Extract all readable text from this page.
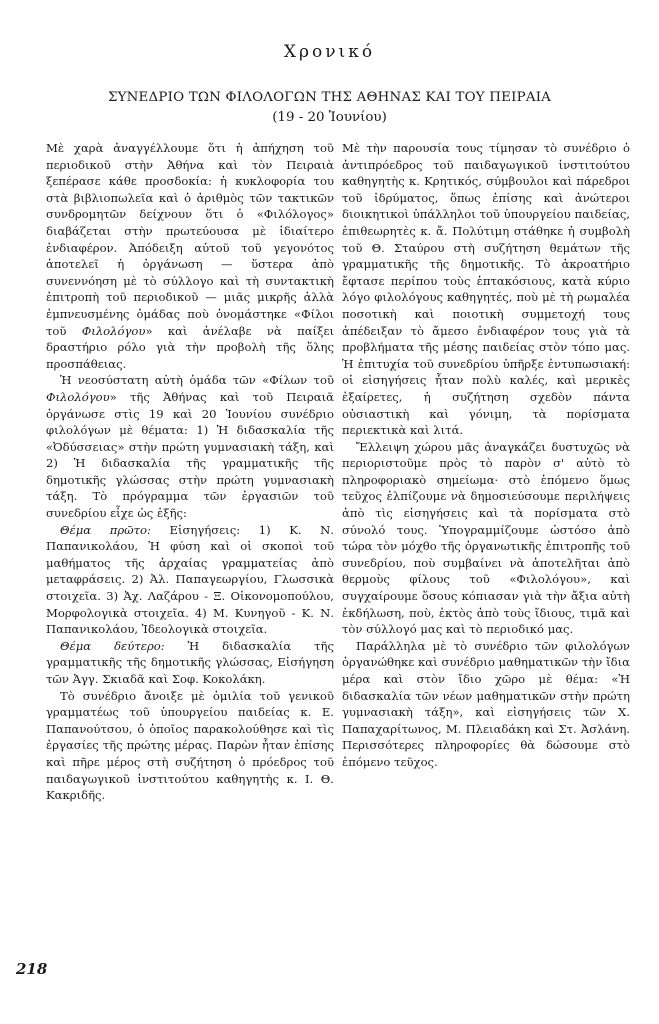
Χρονικό
ΣΥΝΕΔΡΙΟ ΤΩΝ ΦΙΛΟΛΟΓΩΝ ΤΗΣ ΑΘΗΝΑΣ ΚΑΙ ΤΟΥ ΠΕΙΡΑΙΑ
(19 - 20 Ἰουνίου)

Μὲ χαρὰ ἀναγγέλλουμε ὅτι ἡ ἀπήχηση τοῦ περιοδικοῦ στὴν Ἀθήνα καὶ τὸν Πειραιὰ ξεπέρασε κάθε προσδοκία: ἡ κυκλοφορία του στὰ βιβλιοπωλεῖα καὶ ὁ ἀριθμὸς τῶν τακτικῶν συνδρομητῶν δείχνουν ὅτι ὁ «Φιλόλογος» διαβάζεται στὴν πρωτεύουσα μὲ ἰδιαίτερο ἐνδιαφέρον. Ἀπόδειξη αὐτοῦ τοῦ γεγονότος ἀποτελεῖ ἡ ὀργάνωση — ὕστερα ἀπὸ συνεννόηση μὲ τὸ σύλλογο καὶ τὴ συντακτικὴ ἐπιτροπὴ τοῦ περιοδικοῦ — μιᾶς μικρῆς ἀλλὰ ἐμπνευσμένης ὁμάδας ποὺ ὀνομάστηκε «Φίλοι τοῦ Φιλολόγου» καὶ ἀνέλαβε νὰ παίξει δραστήριο ρόλο γιὰ τὴν προβολὴ τῆς ὅλης προσπάθειας.

Ἡ νεοσύστατη αὐτὴ ὁμάδα τῶν «Φίλων τοῦ Φιλολόγου» τῆς Ἀθήνας καὶ τοῦ Πειραιᾶ ὀργάνωσε στὶς 19 καὶ 20 Ἰουνίου συνέδριο φιλολόγων μὲ θέματα: 1) Ἡ διδασκαλία τῆς «Ὀδύσσειας» στὴν πρώτη γυμνασιακὴ τάξη, καὶ 2) Ἡ διδασκαλία τῆς γραμματικῆς τῆς δημοτικῆς γλώσσας στὴν πρώτη γυμνασιακὴ τάξη. Τὸ πρόγραμμα τῶν ἐργασιῶν τοῦ συνεδρίου εἶχε ὡς ἑξῆς:

Θέμα πρῶτο: Εἰσηγήσεις: 1) Κ. Ν. Παπανικολάου, Ἡ φύση καὶ οἱ σκοποὶ τοῦ μαθήματος τῆς ἀρχαίας γραμματείας ἀπὸ μεταφράσεις. 2) Ἀλ. Παπαγεωργίου, Γλωσσικὰ στοιχεῖα. 3) Ἀχ. Λαζάρου - Ξ. Οἰκονομοπούλου, Μορφολογικὰ στοιχεῖα. 4) Μ. Κυνηγοῦ - Κ. Ν. Παπανικολάου, Ἰδεολογικὰ στοιχεῖα.

Θέμα δεύτερο: Ἡ διδασκαλία τῆς γραμματικῆς τῆς δημοτικῆς γλώσσας, Εἰσήγηση τῶν Ἀγγ. Σκιαδᾶ καὶ Σοφ. Κοκολάκη.

Τὸ συνέδριο ἄνοιξε μὲ ὁμιλία τοῦ γενικοῦ γραμματέως τοῦ ὑπουργείου παιδείας κ. Ε. Παπανούτσου, ὁ ὁποῖος παρακολούθησε καὶ τὶς ἐργασίες τῆς πρώτης μέρας. Παρὼν ἦταν ἐπίσης καὶ πῆρε μέρος στὴ συζήτηση ὁ πρόεδρος τοῦ παιδαγωγικοῦ ἰνστιτούτου καθηγητὴς κ. Ι. Θ. Κακριδῆς.

Μὲ τὴν παρουσία τους τίμησαν τὸ συνέδριο ὁ ἀντιπρόεδρος τοῦ παιδαγωγικοῦ ἰνστιτούτου καθηγητὴς κ. Κρητικός, σύμβουλοι καὶ πάρεδροι τοῦ ἱδρύματος, ὅπως ἐπίσης καὶ ἀνώτεροι διοικητικοὶ ὑπάλληλοι τοῦ ὑπουργείου παιδείας, ἐπιθεωρητὲς κ. ἄ. Πολύτιμη στάθηκε ἡ συμβολὴ τοῦ Θ. Σταύρου στὴ συζήτηση θεμάτων τῆς γραμματικῆς τῆς δημοτικῆς. Τὸ ἀκροατήριο ἔφτασε περίπου τοὺς ἑπτακόσιους, κατὰ κύριο λόγο φιλολόγους καθηγητές, ποὺ μὲ τὴ ρωμαλέα ποσοτικὴ καὶ ποιοτικὴ συμμετοχή τους ἀπέδειξαν τὸ ἄμεσο ἐνδιαφέρον τους γιὰ τὰ προβλήματα τῆς μέσης παιδείας στὸν τόπο μας. Ἡ ἐπιτυχία τοῦ συνεδρίου ὑπῆρξε ἐντυπωσιακή: οἱ εἰσηγήσεις ἦταν πολὺ καλές, καὶ μερικὲς ἐξαίρετες, ἡ συζήτηση σχεδὸν πάντα οὐσιαστικὴ καὶ γόνιμη, τὰ πορίσματα περιεκτικὰ καὶ λιτά.

Ἔλλειψη χώρου μᾶς ἀναγκάζει δυστυχῶς νὰ περιοριστοῦμε πρὸς τὸ παρὸν σ' αὐτὸ τὸ πληροφοριακὸ σημείωμα· στὸ ἑπόμενο ὅμως τεῦχος ἐλπίζουμε νὰ δημοσιεύσουμε περιλήψεις ἀπὸ τὶς εἰσηγήσεις καὶ τὰ πορίσματα στὸ σύνολό τους. Ὑπογραμμίζουμε ὡστόσο ἀπὸ τώρα τὸν μόχθο τῆς ὀργανωτικῆς ἐπιτροπῆς τοῦ συνεδρίου, ποὺ συμβαίνει νὰ ἀποτελῆται ἀπὸ θερμοὺς φίλους τοῦ «Φιλολόγου», καὶ συγχαίρουμε ὅσους κόπιασαν γιὰ τὴν ἄξια αὐτὴ ἐκδήλωση, ποὺ, ἐκτὸς ἀπὸ τοὺς ἴδιους, τιμᾶ καὶ τὸν σύλλογό μας καὶ τὸ περιοδικό μας.

Παράλληλα μὲ τὸ συνέδριο τῶν φιλολόγων ὀργανώθηκε καὶ συνέδριο μαθηματικῶν τὴν ἴδια μέρα καὶ στὸν ἴδιο χῶρο μὲ θέμα: «Ἡ διδασκαλία τῶν νέων μαθηματικῶν στὴν πρώτη γυμνασιακὴ τάξη», καὶ εἰσηγήσεις τῶν Χ. Παπαχαρίτωνος, Μ. Πλειαδάκη καὶ Στ. Ἀσλάνη. Περισσότερες πληροφορίες θὰ δώσουμε στὸ ἑπόμενο τεῦχος.

218
